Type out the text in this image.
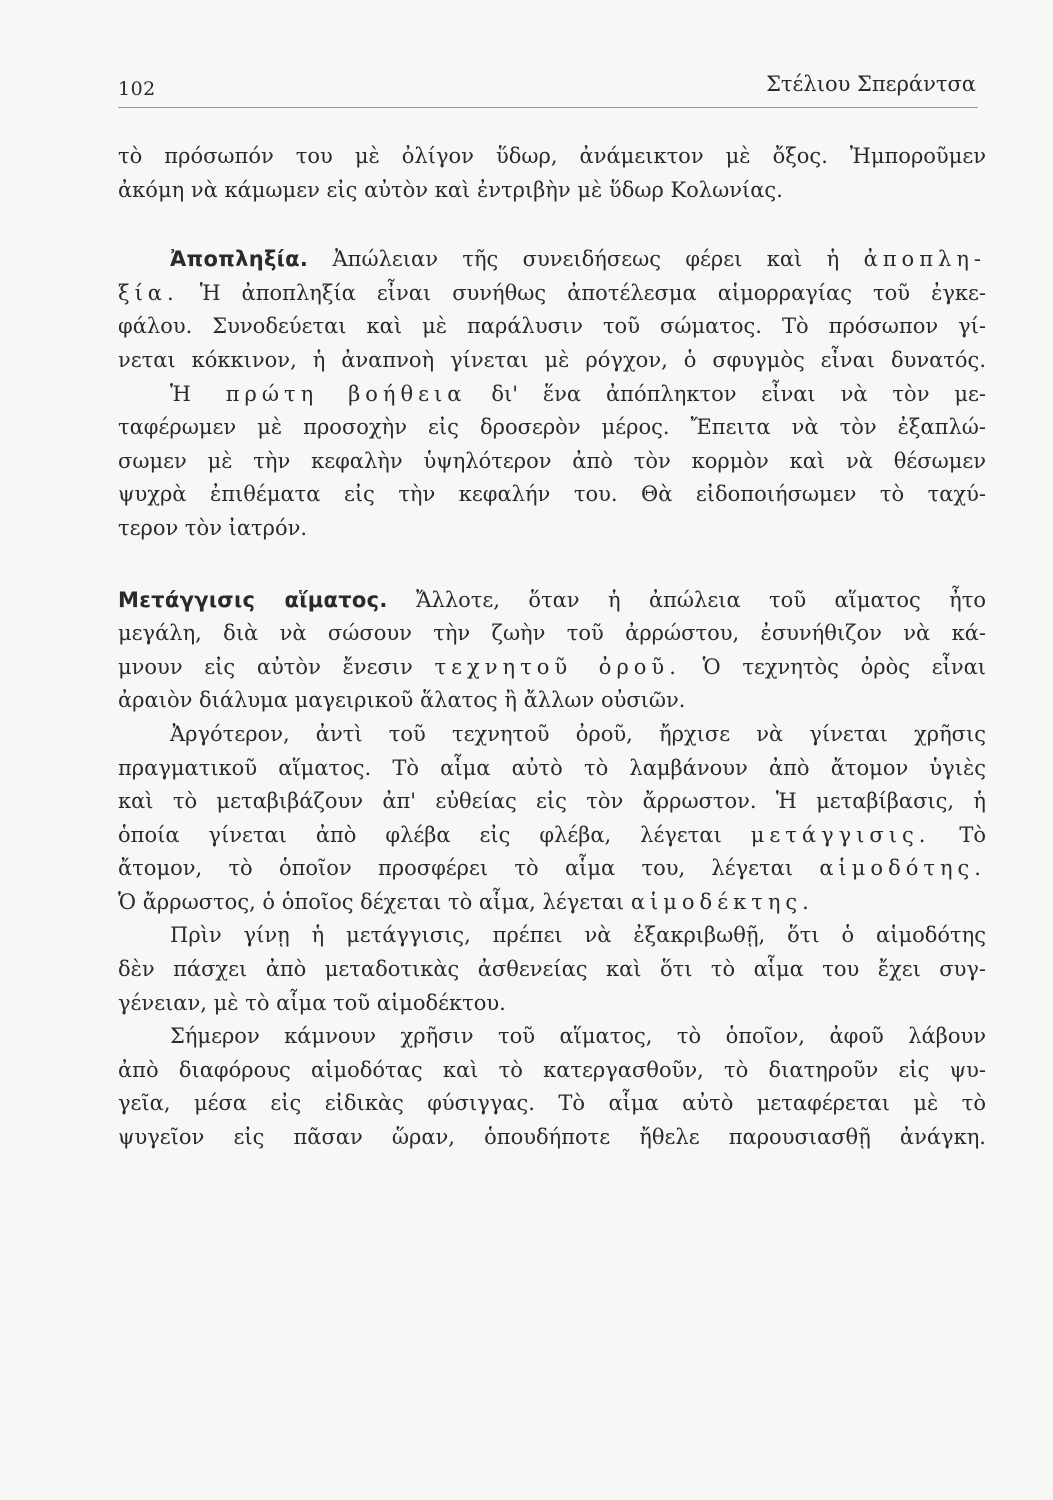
102	Στέλιου Σπεράντσα
τὸ πρόσωπόν του μὲ ὀλίγον ὕδωρ, ἀνάμεικτον μὲ ὄξος. Ἠμποροῦμεν
ἀκόμη νὰ κάμωμεν εἰς αὐτὸν καὶ ἐντριβὴν μὲ ὕδωρ Κολωνίας.
Ἀποπληξία. Ἀπώλειαν τῆς συνειδήσεως φέρει καὶ ἡ ἀποπλη-
ξία. Ἡ ἀποπληξία εἶναι συνήθως ἀποτέλεσμα αἱμορραγίας τοῦ ἐγκε-
φάλου. Συνοδεύεται καὶ μὲ παράλυσιν τοῦ σώματος. Τὸ πρόσωπον γί-
νεται κόκκινον, ἡ ἀναπνοὴ γίνεται μὲ ρόγχον, ὁ σφυγμὸς εἶναι δυνατός.
Ἡ πρώτη βοήθεια δι' ἕνα ἀπόπληκτον εἶναι νὰ τὸν με-
ταφέρωμεν μὲ προσοχὴν εἰς δροσερὸν μέρος. Ἔπειτα νὰ τὸν ἐξαπλώ-
σωμεν μὲ τὴν κεφαλὴν ὑψηλότερον ἀπὸ τὸν κορμὸν καὶ νὰ θέσωμεν
ψυχρὰ ἐπιθέματα εἰς τὴν κεφαλήν του. Θὰ εἰδοποιήσωμεν τὸ ταχύ-
τερον τὸν ἰατρόν.
Μετάγγισις αἵματος. Ἄλλοτε, ὅταν ἡ ἀπώλεια τοῦ αἵματος ἦτο
μεγάλη, διὰ νὰ σώσουν τὴν ζωὴν τοῦ ἀρρώστου, ἐσυνήθιζον νὰ κά-
μνουν εἰς αὐτὸν ἔνεσιν τεχνητοῦ ὀροῦ. Ὁ τεχνητὸς ὀρὸς εἶναι
ἀραιὸν διάλυμα μαγειρικοῦ ἅλατος ἢ ἄλλων οὐσιῶν.
Ἀργότερον, ἀντὶ τοῦ τεχνητοῦ ὀροῦ, ἤρχισε νὰ γίνεται χρῆσις
πραγματικοῦ αἵματος. Τὸ αἷμα αὐτὸ τὸ λαμβάνουν ἀπὸ ἄτομον ὑγιὲς
καὶ τὸ μεταβιβάζουν ἀπ' εὐθείας εἰς τὸν ἄρρωστον. Ἡ μεταβίβασις, ἡ
ὁποία γίνεται ἀπὸ φλέβα εἰς φλέβα, λέγεται μετάγγισις. Τὸ
ἄτομον, τὸ ὁποῖον προσφέρει τὸ αἷμα του, λέγεται αἱμοδότης.
Ὁ ἄρρωστος, ὁ ὁποῖος δέχεται τὸ αἷμα, λέγεται αἱμοδέκτης.
Πρὶν γίνῃ ἡ μετάγγισις, πρέπει νὰ ἐξακριβωθῇ, ὅτι ὁ αἱμοδότης
δὲν πάσχει ἀπὸ μεταδοτικὰς ἀσθενείας καὶ ὅτι τὸ αἷμα του ἔχει συγ-
γένειαν, μὲ τὸ αἷμα τοῦ αἱμοδέκτου.
Σήμερον κάμνουν χρῆσιν τοῦ αἵματος, τὸ ὁποῖον, ἀφοῦ λάβουν
ἀπὸ διαφόρους αἱμοδότας καὶ τὸ κατεργασθοῦν, τὸ διατηροῦν εἰς ψυ-
γεῖα, μέσα εἰς εἰδικὰς φύσιγγας. Τὸ αἷμα αὐτὸ μεταφέρεται μὲ τὸ
ψυγεῖον εἰς πᾶσαν ὥραν, ὁπουδήποτε ἤθελε παρουσιασθῇ ἀνάγκη.
